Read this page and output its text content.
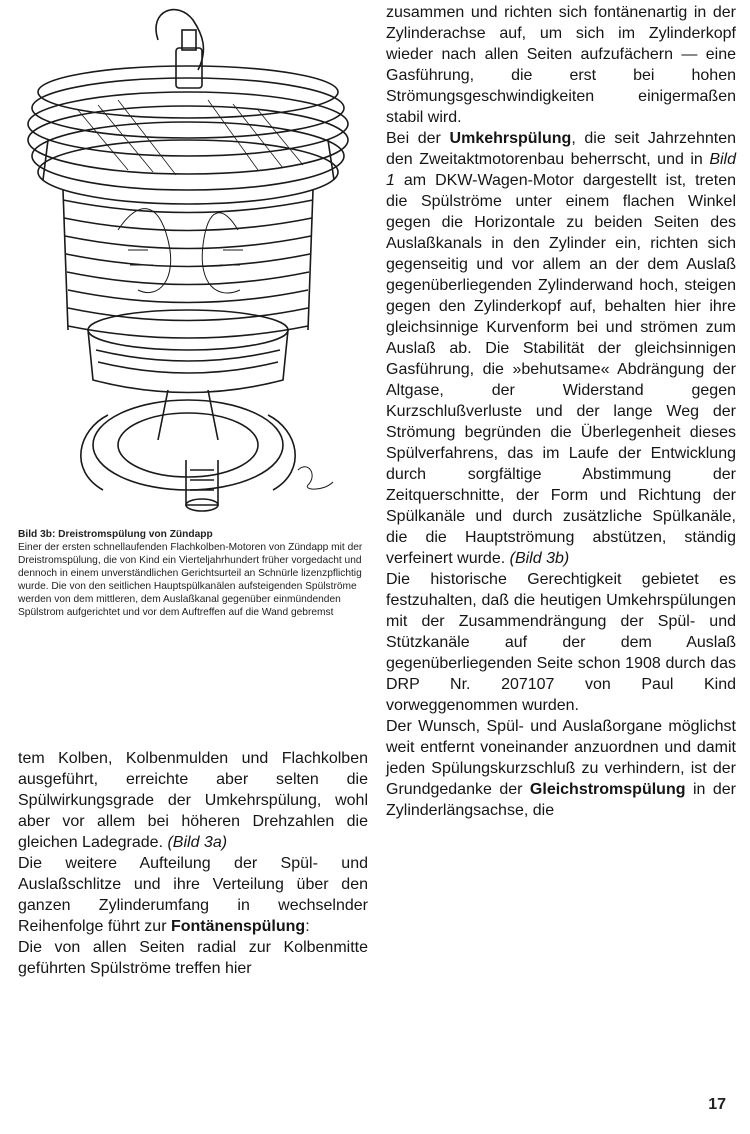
Bild 3b: Dreistromspülung von Zündapp
Einer der ersten schnellaufenden Flachkolben-Motoren von Zündapp mit der Dreistromspülung, die von Kind ein Vierteljahrhundert früher vorgedacht und dennoch in einem unverständlichen Gerichtsurteil an Schnürle lizenzpflichtig wurde. Die von den seitlichen Hauptspülkanälen aufsteigenden Spülströme werden von dem mittleren, dem Auslaßkanal gegenüber einmündenden Spülstrom aufgerichtet und vor dem Auftreffen auf die Wand gebremst

tem Kolben, Kolbenmulden und Flachkolben ausgeführt, erreichte aber selten die Spülwirkungsgrade der Umkehrspülung, wohl aber vor allem bei höheren Drehzahlen die gleichen Ladegrade. (Bild 3a)

Die weitere Aufteilung der Spül- und Auslaßschlitze und ihre Verteilung über den ganzen Zylinderumfang in wechselnder Reihenfolge führt zur Fontänenspülung:

Die von allen Seiten radial zur Kolbenmitte geführten Spülströme treffen hier

zusammen und richten sich fontänenartig in der Zylinderachse auf, um sich im Zylinderkopf wieder nach allen Seiten aufzufächern — eine Gasführung, die erst bei hohen Strömungsgeschwindigkeiten einigermaßen stabil wird.

Bei der Umkehrspülung, die seit Jahrzehnten den Zweitaktmotorenbau beherrscht, und in Bild 1 am DKW-Wagen-Motor dargestellt ist, treten die Spülströme unter einem flachen Winkel gegen die Horizontale zu beiden Seiten des Auslaßkanals in den Zylinder ein, richten sich gegenseitig und vor allem an der dem Auslaß gegenüberliegenden Zylinderwand hoch, steigen gegen den Zylinderkopf auf, behalten hier ihre gleichsinnige Kurvenform bei und strömen zum Auslaß ab. Die Stabilität der gleichsinnigen Gasführung, die »behutsame« Abdrängung der Altgase, der Widerstand gegen Kurzschlußverluste und der lange Weg der Strömung begründen die Überlegenheit dieses Spülverfahrens, das im Laufe der Entwicklung durch sorgfältige Abstimmung der Zeitquerschnitte, der Form und Richtung der Spülkanäle und durch zusätzliche Spülkanäle, die die Hauptströmung abstützen, ständig verfeinert wurde. (Bild 3b)

Die historische Gerechtigkeit gebietet es festzuhalten, daß die heutigen Umkehrspülungen mit der Zusammendrängung der Spül- und Stützkanäle auf der dem Auslaß gegenüberliegenden Seite schon 1908 durch das DRP Nr. 207107 von Paul Kind vorweggenommen wurden.

Der Wunsch, Spül- und Auslaßorgane möglichst weit entfernt voneinander anzuordnen und damit jeden Spülungskurzschluß zu verhindern, ist der Grundgedanke der Gleichstromspülung in der Zylinderlängsachse, die

17
